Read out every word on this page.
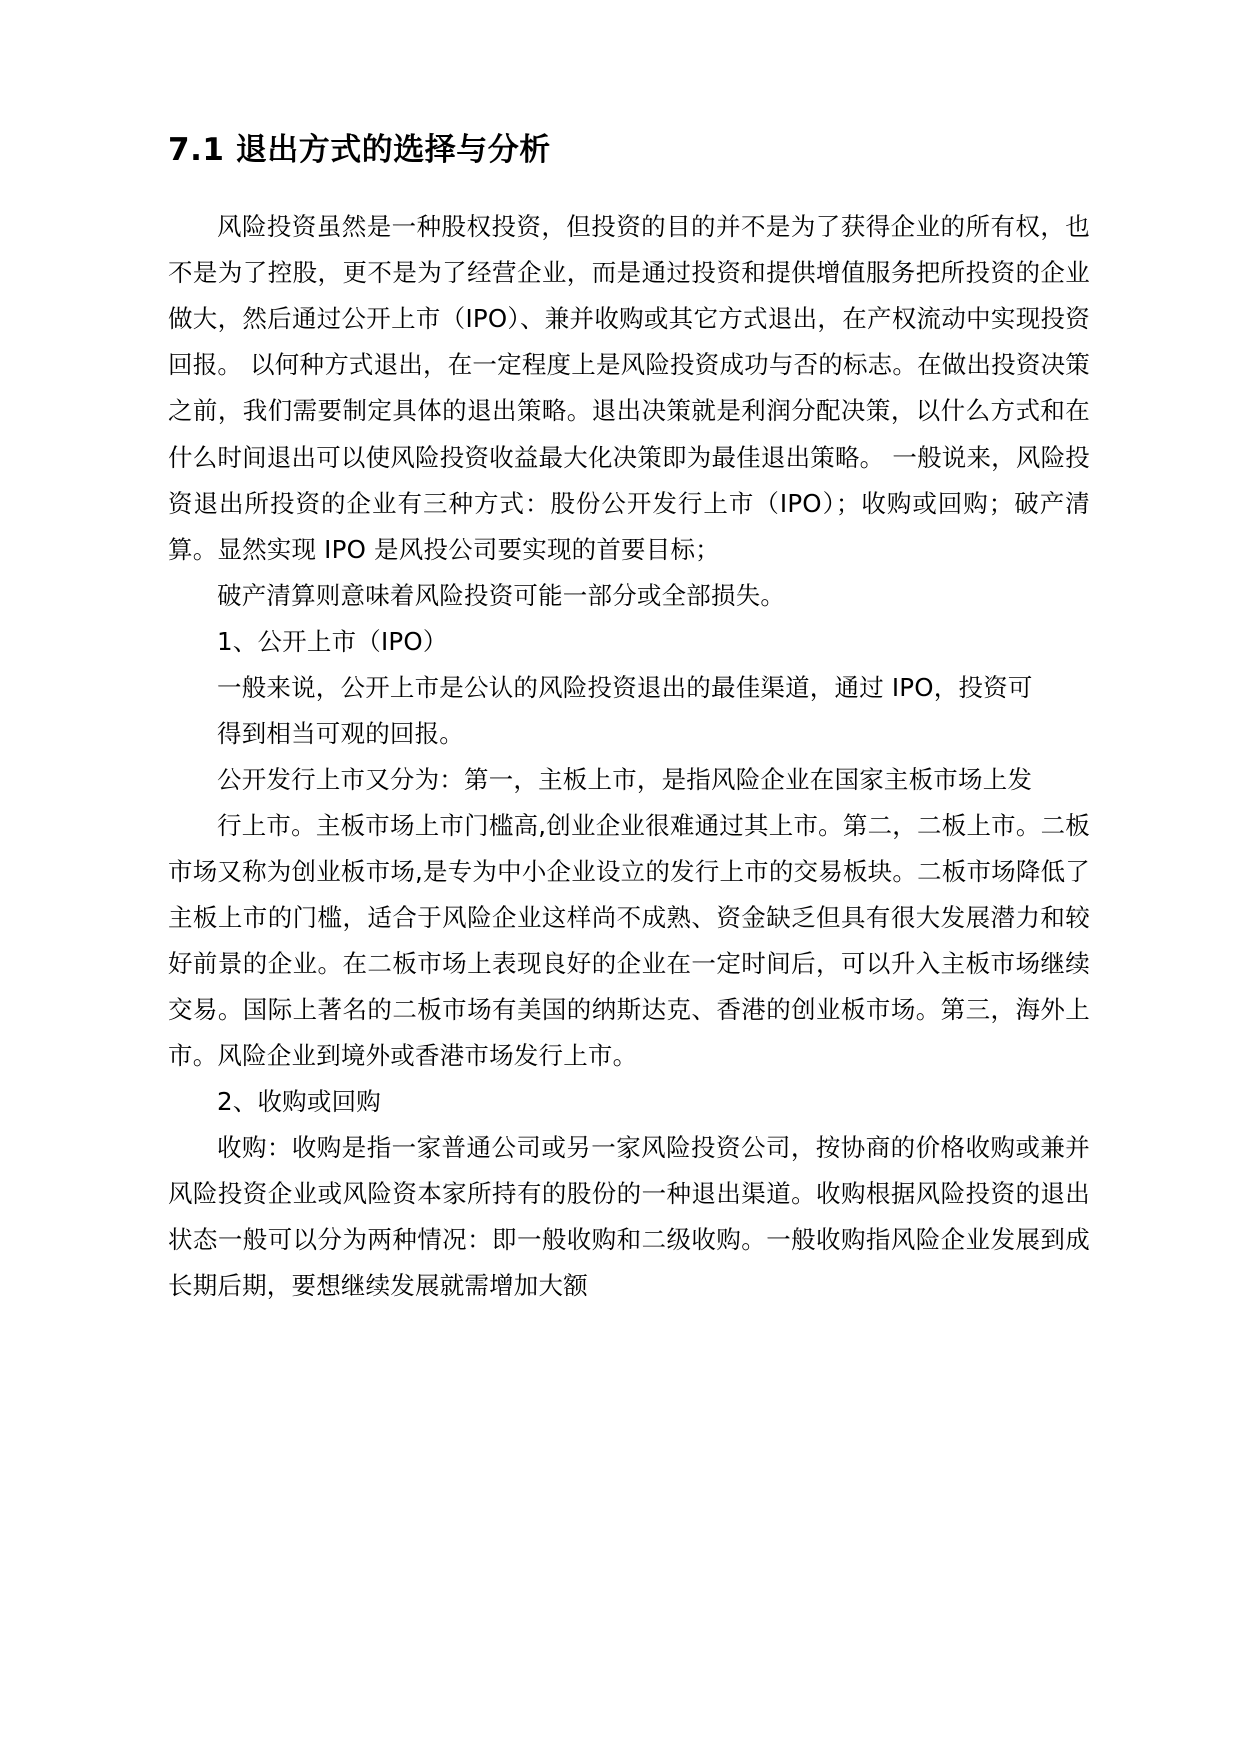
7.1 退出方式的选择与分析

风险投资虽然是一种股权投资，但投资的目的并不是为了获得企业的所有权，也不是为了控股，更不是为了经营企业，而是通过投资和提供增值服务把所投资的企业做大，然后通过公开上市（IPO）、兼并收购或其它方式退出，在产权流动中实现投资回报。 以何种方式退出，在一定程度上是风险投资成功与否的标志。在做出投资决策之前，我们需要制定具体的退出策略。退出决策就是利润分配决策，以什么方式和在什么时间退出可以使风险投资收益最大化决策即为最佳退出策略。 一般说来，风险投资退出所投资的企业有三种方式：股份公开发行上市（IPO）；收购或回购；破产清算。显然实现 IPO 是风投公司要实现的首要目标；

破产清算则意味着风险投资可能一部分或全部损失。

1、公开上市（IPO）

一般来说，公开上市是公认的风险投资退出的最佳渠道，通过 IPO，投资可

得到相当可观的回报。

公开发行上市又分为：第一，主板上市，是指风险企业在国家主板市场上发

行上市。主板市场上市门槛高,创业企业很难通过其上市。第二，二板上市。二板市场又称为创业板市场,是专为中小企业设立的发行上市的交易板块。二板市场降低了主板上市的门槛，适合于风险企业这样尚不成熟、资金缺乏但具有很大发展潜力和较好前景的企业。在二板市场上表现良好的企业在一定时间后，可以升入主板市场继续交易。国际上著名的二板市场有美国的纳斯达克、香港的创业板市场。第三，海外上市。风险企业到境外或香港市场发行上市。

2、收购或回购

收购：收购是指一家普通公司或另一家风险投资公司，按协商的价格收购或兼并风险投资企业或风险资本家所持有的股份的一种退出渠道。收购根据风险投资的退出状态一般可以分为两种情况：即一般收购和二级收购。一般收购指风险企业发展到成长期后期，要想继续发展就需增加大额
